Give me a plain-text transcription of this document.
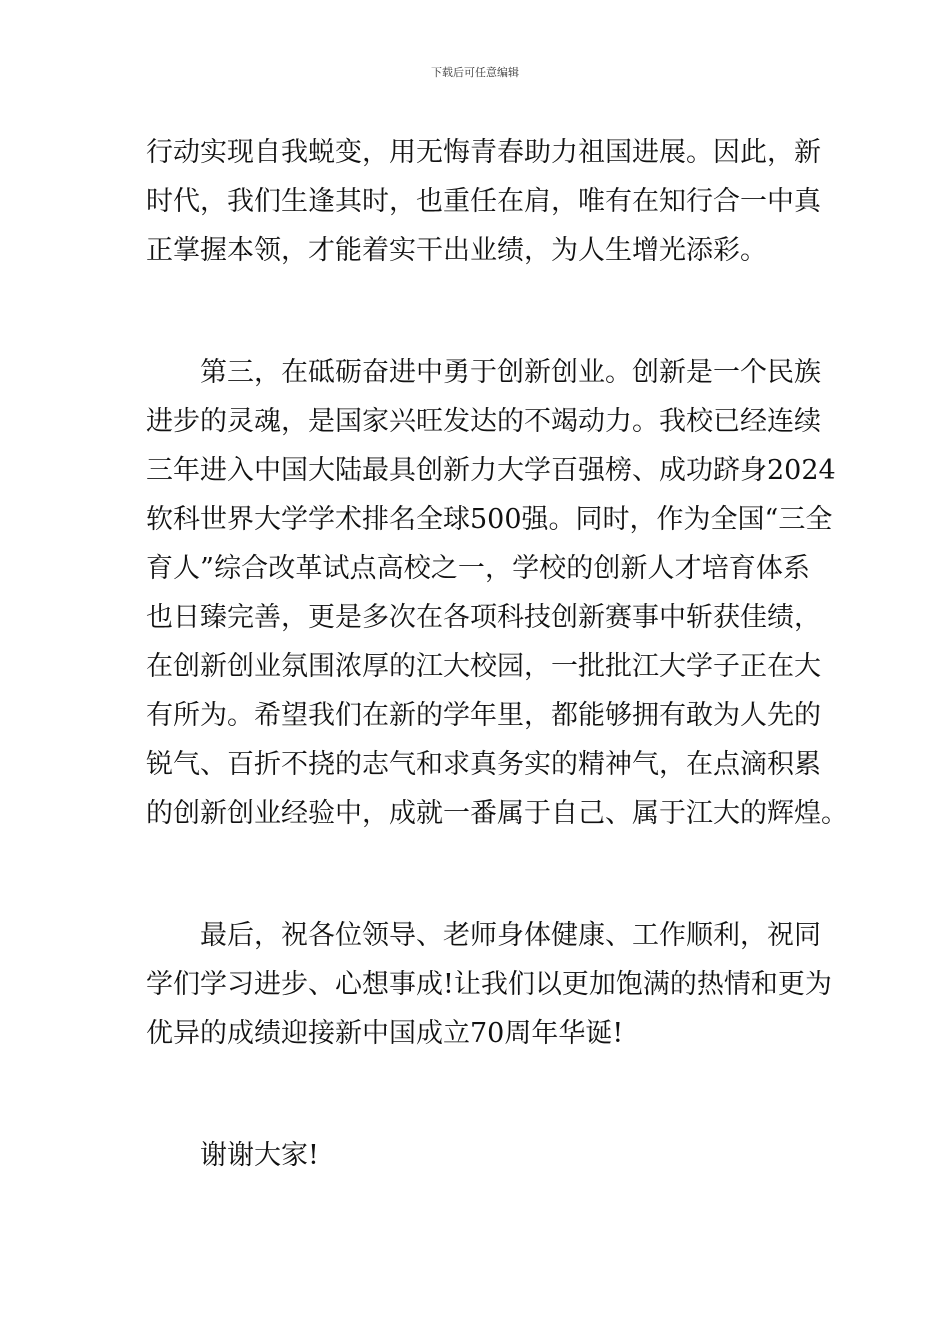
下载后可任意编辑

行动实现自我蜕变，用无悔青春助力祖国进展。因此，新
时代，我们生逢其时，也重任在肩，唯有在知行合一中真
正掌握本领，才能着实干出业绩，为人生增光添彩。

　　第三，在砥砺奋进中勇于创新创业。创新是一个民族
进步的灵魂，是国家兴旺发达的不竭动力。我校已经连续
三年进入中国大陆最具创新力大学百强榜、成功跻身2024
软科世界大学学术排名全球500强。同时，作为全国“三全
育人”综合改革试点高校之一，学校的创新人才培育体系
也日臻完善，更是多次在各项科技创新赛事中斩获佳绩，
在创新创业氛围浓厚的江大校园，一批批江大学子正在大
有所为。希望我们在新的学年里，都能够拥有敢为人先的
锐气、百折不挠的志气和求真务实的精神气，在点滴积累
的创新创业经验中，成就一番属于自己、属于江大的辉煌。

　　最后，祝各位领导、老师身体健康、工作顺利，祝同
学们学习进步、心想事成!让我们以更加饱满的热情和更为
优异的成绩迎接新中国成立70周年华诞!

　　谢谢大家!
